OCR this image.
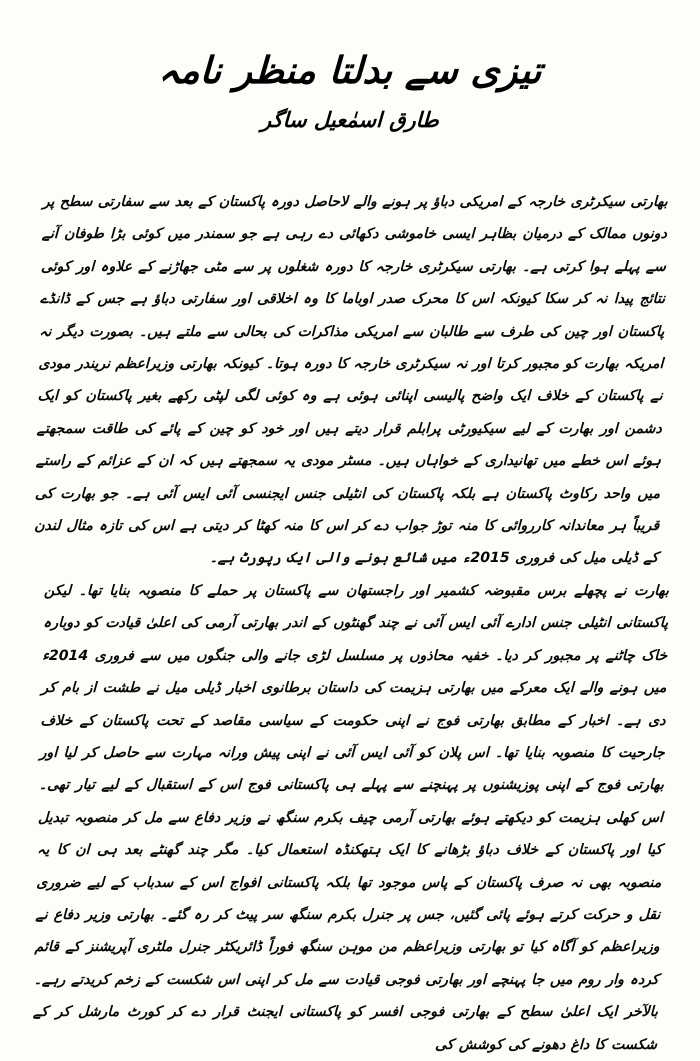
تیزی سے بدلتا منظر نامہ
طارق اسمٰعیل ساگر

بھارتی سیکرٹری خارجہ کے امریکی دباؤ پر ہونے والے لاحاصل دورہ پاکستان کے بعد سے سفارتی سطح پر دونوں ممالک کے درمیان بظاہر ایسی خاموشی دکھائی دے رہی ہے جو سمندر میں کوئی بڑا طوفان آنے سے پہلے ہوا کرتی ہے۔ بھارتی سیکرٹری خارجہ کا دورہ شغلوں پر سے مٹی جھاڑنے کے علاوہ اور کوئی نتائج پیدا نہ کر سکا کیونکہ اس کا محرک صدر اوباما کا وہ اخلاقی اور سفارتی دباؤ ہے جس کے ڈانڈے پاکستان اور چین کی طرف سے طالبان سے امریکی مذاکرات کی بحالی سے ملتے ہیں۔ بصورت دیگر نہ امریکہ بھارت کو مجبور کرتا اور نہ سیکرٹری خارجہ کا دورہ ہوتا۔ کیونکہ بھارتی وزیراعظم نریندر مودی نے پاکستان کے خلاف ایک واضح پالیسی اپنائی ہوئی ہے وہ کوئی لگی لپٹی رکھے بغیر پاکستان کو ایک دشمن اور بھارت کے لیے سیکیورٹی پرابلم قرار دیتے ہیں اور خود کو چین کے پائے کی طاقت سمجھتے ہوئے اس خطے میں تھانیداری کے خواہاں ہیں۔ مسٹر مودی یہ سمجھتے ہیں کہ ان کے عزائم کے راستے میں واحد رکاوٹ پاکستان ہے بلکہ پاکستان کی انٹیلی جنس ایجنسی آئی ایس آئی ہے۔ جو بھارت کی قریباً ہر معاندانہ کارروائی کا منہ توڑ جواب دے کر اس کا منہ کھٹا کر دیتی ہے اس کی تازہ مثال لندن کے ڈیلی میل کی فروری 2015ء میں شائع ہونے والی ایک رپورٹ ہے۔

بھارت نے پچھلے برس مقبوضہ کشمیر اور راجستھان سے پاکستان پر حملے کا منصوبہ بنایا تھا۔ لیکن پاکستانی انٹیلی جنس ادارے آئی ایس آئی نے چند گھنٹوں کے اندر بھارتی آرمی کی اعلیٰ قیادت کو دوبارہ خاک چاٹنے پر مجبور کر دیا۔ خفیہ محاذوں پر مسلسل لڑی جانے والی جنگوں میں سے فروری 2014ء میں ہونے والے ایک معرکے میں بھارتی ہزیمت کی داستان برطانوی اخبار ڈیلی میل نے طشت از بام کر دی ہے۔ اخبار کے مطابق بھارتی فوج نے اپنی حکومت کے سیاسی مقاصد کے تحت پاکستان کے خلاف جارحیت کا منصوبہ بنایا تھا۔ اس پلان کو آئی ایس آئی نے اپنی پیش ورانہ مہارت سے حاصل کر لیا اور بھارتی فوج کے اپنی پوزیشنوں پر پہنچنے سے پہلے ہی پاکستانی فوج اس کے استقبال کے لیے تیار تھی۔ اس کھلی ہزیمت کو دیکھتے ہوئے بھارتی آرمی چیف بکرم سنگھ نے وزیر دفاع سے مل کر منصوبہ تبدیل کیا اور پاکستان کے خلاف دباؤ بڑھانے کا ایک ہتھکنڈہ استعمال کیا۔ مگر چند گھنٹے بعد ہی ان کا یہ منصوبہ بھی نہ صرف پاکستان کے پاس موجود تھا بلکہ پاکستانی افواج اس کے سدباب کے لیے ضروری نقل و حرکت کرتے ہوئے پائی گئیں، جس پر جنرل بکرم سنگھ سر پیٹ کر رہ گئے۔ بھارتی وزیر دفاع نے وزیراعظم کو آگاہ کیا تو بھارتی وزیراعظم من موہن سنگھ فوراً ڈائریکٹر جنرل ملٹری آپریشنز کے قائم کردہ وار روم میں جا پہنچے اور بھارتی فوجی قیادت سے مل کر اپنی اس شکست کے زخم کریدتے رہے۔ بالآخر ایک اعلیٰ سطح کے بھارتی فوجی افسر کو پاکستانی ایجنٹ قرار دے کر کورٹ مارشل کر کے شکست کا داغ دھونے کی کوشش کی
